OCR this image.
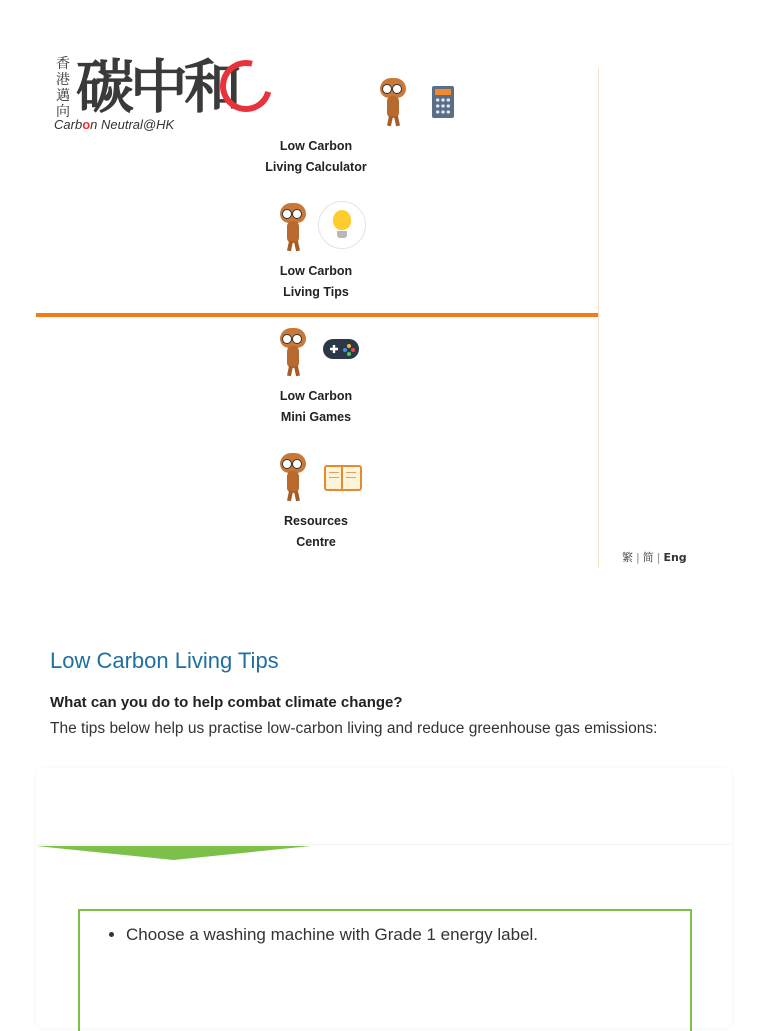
香
港
邁
向 碳中和
Carbon Neutral@HK
Low Carbon
Living Calculator
Low Carbon
Living Tips
Low Carbon
Mini Games
Resources
Centre
繁 | 简 | Eng
Low Carbon Living Tips
What can you do to help combat climate change?
The tips below help us practise low-carbon living and reduce greenhouse gas emissions:
• Choose a washing machine with Grade 1 energy label.
